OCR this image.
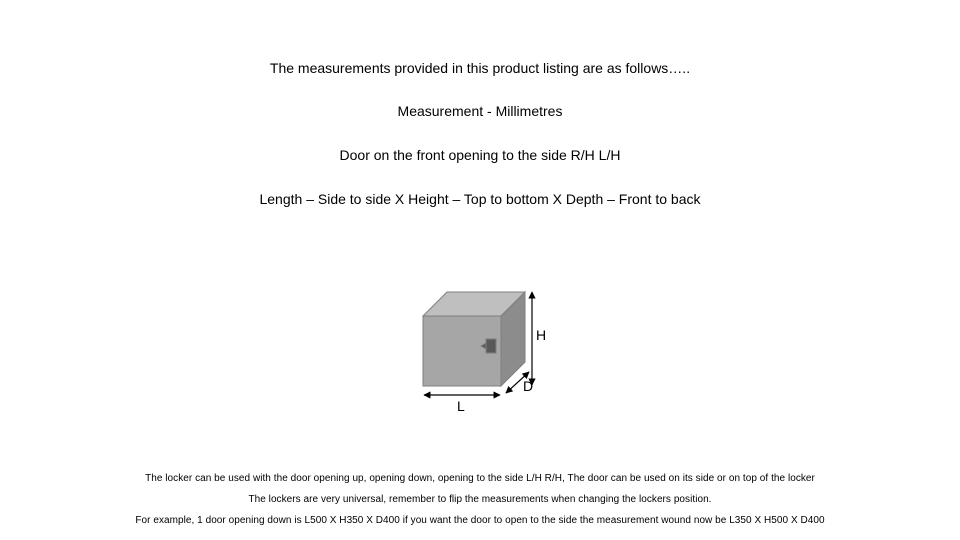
The measurements provided in this product listing are as follows…..

Measurement - Millimetres

Door on the front opening to the side R/H L/H

Length – Side to side X Height – Top to bottom X Depth – Front to back

H
D
L

The locker can be used with the door opening up, opening down, opening to the side L/H R/H, The door can be used on its side or on top of the locker

The lockers are very universal, remember to flip the measurements when changing the lockers position.

For example, 1 door opening down is L500 X H350 X D400 if you want the door to open to the side the measurement wound now be L350 X H500 X D400
